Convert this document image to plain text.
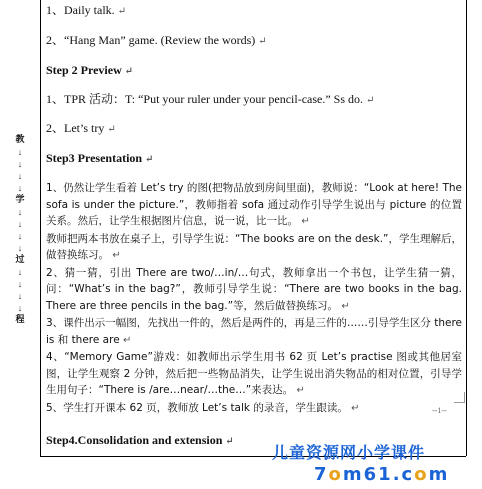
教
↓
↓
↓
↓
学
↓
↓
↓
↓
过
↓
↓
↓
↓
程
1、Daily talk. ↵
2、“Hang Man” game. (Review the words) ↵
Step 2 Preview ↵
1、TPR 活动：T: “Put your ruler under your pencil-case.” Ss do. ↵
2、Let’s try ↵
Step3 Presentation ↵

1、仍然让学生看着 Let’s try 的图(把物品放到房间里面)，教师说：“Look at here! The sofa is under the picture.”，教师指着 sofa 通过动作引导学生说出与 picture 的位置关系。然后，让学生根据图片信息，说一说，比一比。 ↵

教师把两本书放在桌子上，引导学生说：“The books are on the desk.”，学生理解后，做替换练习。 ↵

2、猜一猜，引出 There are two/…in/…句式，教师拿出一个书包，让学生猜一猜，问：“What’s in the bag?”，教师引导学生说：“There are two books in the bag. There are three pencils in the bag.”等，然后做替换练习。 ↵

3、课件出示一幅图，先找出一件的，然后是两件的，再是三件的……引导学生区分 there is 和 there are ↵

4、“Memory Game”游戏：如教师出示学生用书 62 页 Let’s practise 图或其他居室图，让学生观察 2 分钟，然后把一些物品消失，让学生说出消失物品的相对位置，引导学生用句子：“There is /are…near/…the…”来表达。 ↵

5、学生打开课本 62 页，教师放 Let’s talk 的录音，学生跟读。 ↵

Step4.Consolidation and extension ↵
--1--
儿童资源网小学课件
7om61.com
